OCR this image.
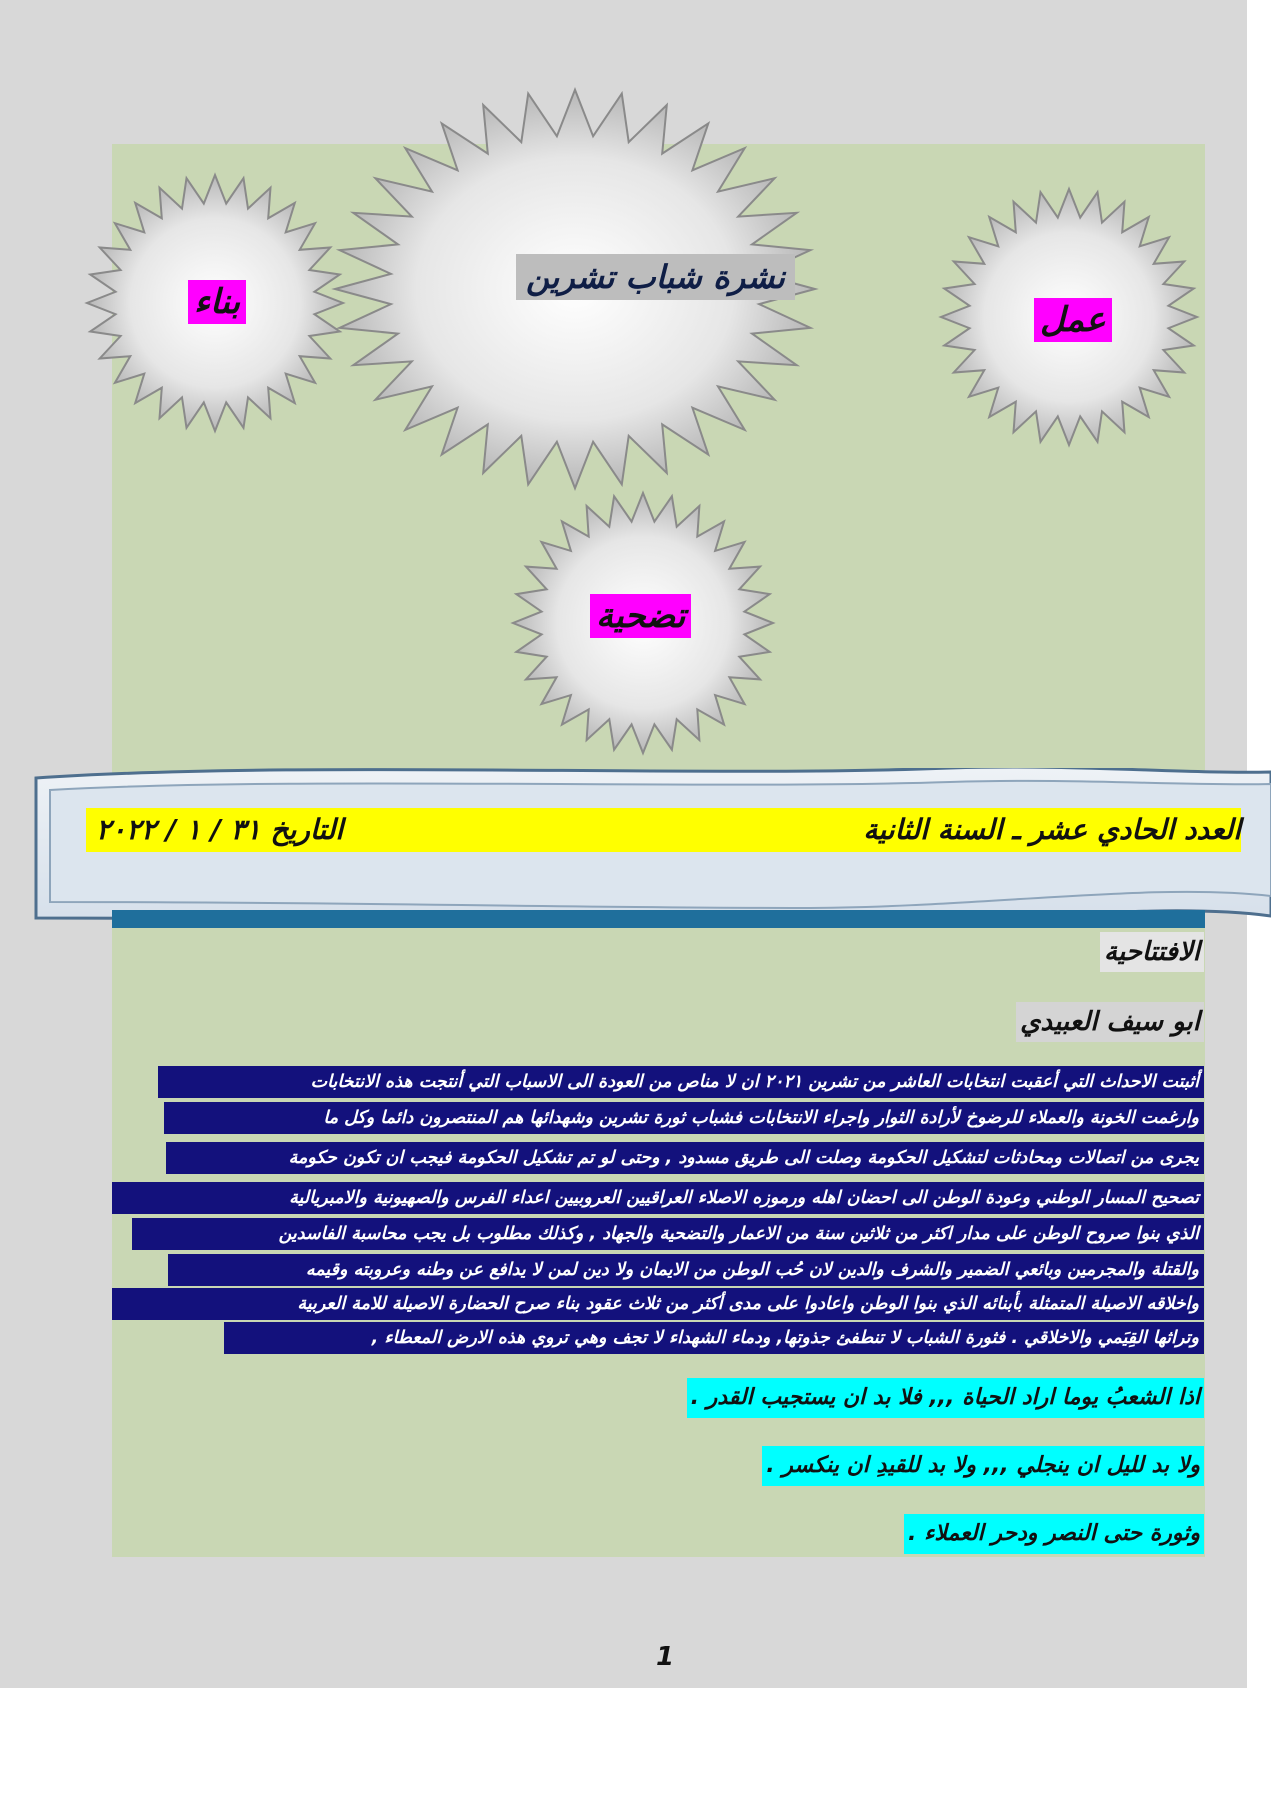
نشرة شباب تشرين
بناء	عمل
تضحية
العدد الحادي عشر ـ السنة الثانية
التاريخ ٣١ / ١ / ٢٠٢٢
الافتتاحية
ابو سيف العبيدي
أثبتت الاحداث التي أعقبت انتخابات العاشر من تشرين ٢٠٢١ ان لا مناص من العودة الى الاسباب التي أنتجت هذه الانتخابات
وارغمت الخونة والعملاء للرضوخ لأرادة الثوار واجراء الانتخابات فشباب ثورة تشرين وشهدائها هم المنتصرون دائما وكل ما
يجرى من اتصالات ومحادثات لتشكيل الحكومة وصلت الى طريق مسدود , وحتى لو تم تشكيل الحكومة فيجب ان تكون حكومة
تصحيح المسار الوطني وعودة الوطن الى احضان اهله ورموزه الاصلاء العراقيين العروبيين اعداء الفرس والصهيونية والامبريالية
الذي بنوا صروح الوطن على مدار اكثر من ثلاثين سنة من الاعمار والتضحية والجهاد , وكذلك مطلوب بل يجب محاسبة الفاسدين
والقتلة والمجرمين وبائعي الضمير والشرف والدين لان حُب الوطن من الايمان ولا دين لمن لا يدافع عن وطنه وعروبته وقيمه
واخلاقه الاصيلة المتمثلة بأبنائه الذي بنوا الوطن واعادوا على مدى أكثر من ثلاث عقود بناء صرح الحضارة الاصيلة للامة العربية
وتراثها القِيَمي والاخلاقي . فثورة الشباب لا تنطفئ جذوتها, ودماء الشهداء لا تجف وهي تروي هذه الارض المعطاء ,
اذا الشعبُ يوما اراد الحياة ,,, فلا بد ان يستجيب القدر .
ولا بد لليل ان ينجلي ,,, ولا بد للقيدِ ان ينكسر .
وثورة حتى النصر ودحر العملاء .
1
